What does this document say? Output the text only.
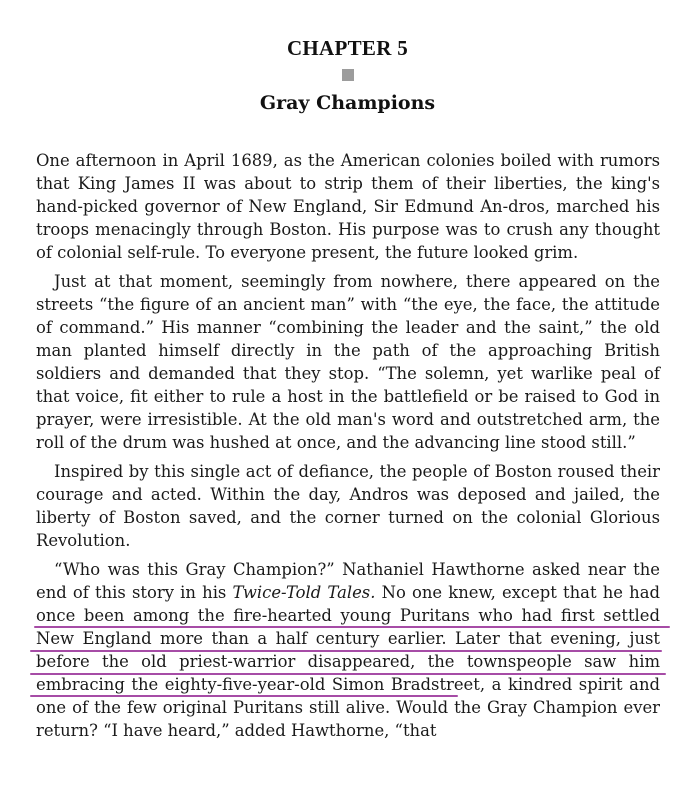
CHAPTER 5
Gray Champions

One afternoon in April 1689, as the American colonies boiled with rumors that King James II was about to strip them of their liberties, the king's hand-picked governor of New England, Sir Edmund An-dros, marched his troops menacingly through Boston. His purpose was to crush any thought of colonial self-rule. To everyone present, the future looked grim.

Just at that moment, seemingly from nowhere, there appeared on the streets “the figure of an ancient man” with “the eye, the face, the attitude of command.” His manner “combining the leader and the saint,” the old man planted himself directly in the path of the approaching British soldiers and demanded that they stop. “The solemn, yet warlike peal of that voice, fit either to rule a host in the battlefield or be raised to God in prayer, were irresistible. At the old man's word and outstretched arm, the roll of the drum was hushed at once, and the advancing line stood still.”

Inspired by this single act of defiance, the people of Boston roused their courage and acted. Within the day, Andros was deposed and jailed, the liberty of Boston saved, and the corner turned on the colonial Glorious Revolution.

“Who was this Gray Champion?” Nathaniel Hawthorne asked near the end of this story in his Twice-Told Tales. No one knew, except that he had once been among the fire-hearted young Puritans who had first settled New England more than a half century earlier. Later that evening, just before the old priest-warrior disappeared, the townspeople saw him embracing the eighty-five-year-old Simon Bradstreet, a kindred spirit and one of the few original Puritans still alive. Would the Gray Champion ever return? “I have heard,” added Hawthorne, “that
